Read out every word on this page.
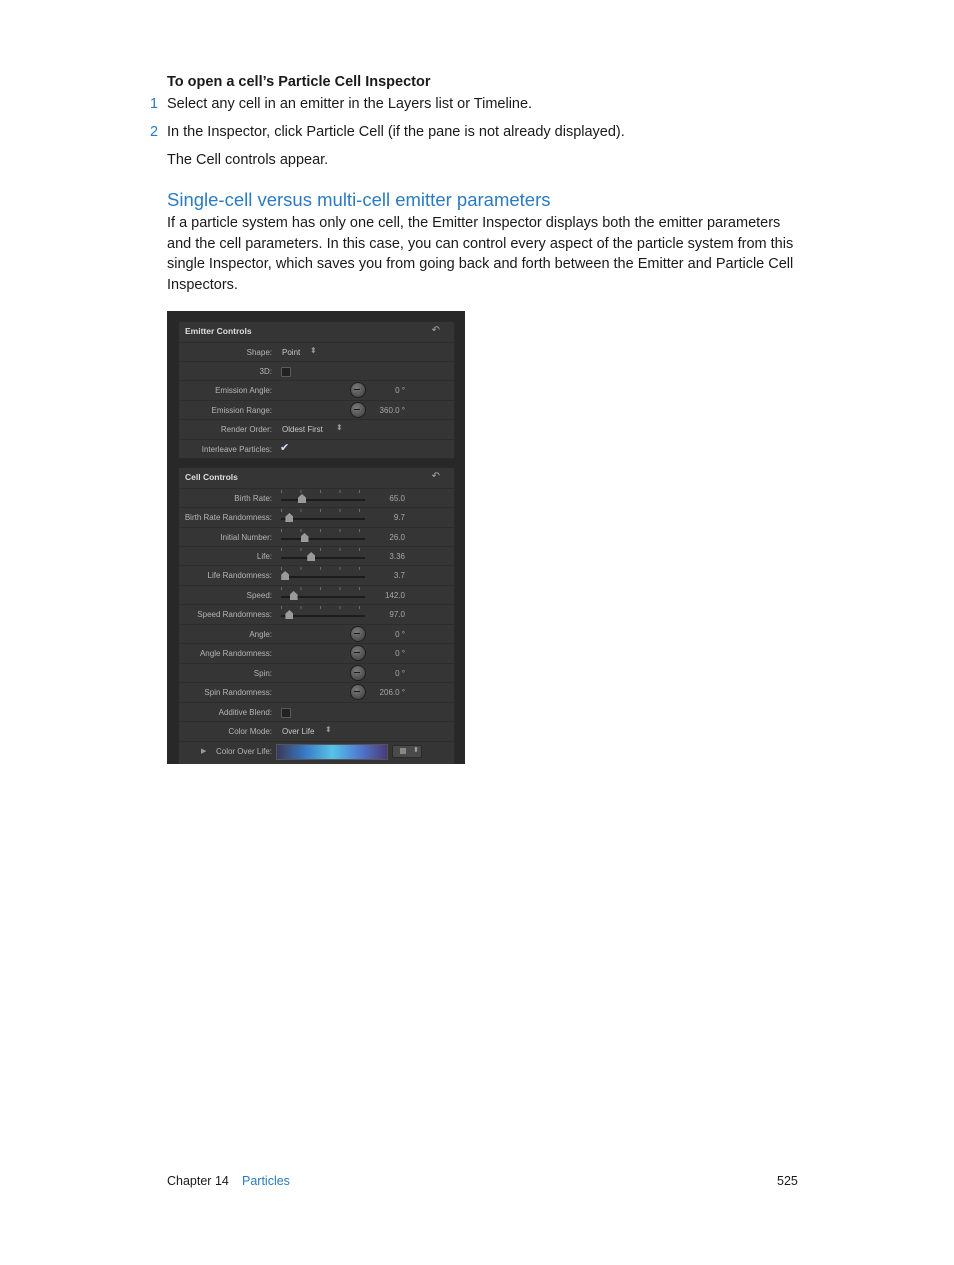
To open a cell’s Particle Cell Inspector
1 Select any cell in an emitter in the Layers list or Timeline.
2 In the Inspector, click Particle Cell (if the pane is not already displayed).
The Cell controls appear.
Single-cell versus multi-cell emitter parameters
If a particle system has only one cell, the Emitter Inspector displays both the emitter parameters and the cell parameters. In this case, you can control every aspect of the particle system from this single Inspector, which saves you from going back and forth between the Emitter and Particle Cell Inspectors.
Emitter Controls	↶
Shape: Point ⬍
3D:
Emission Angle:	0 °
Emission Range:	360.0 °
Render Order: Oldest First ⬍
Interleave Particles: ✔
Cell Controls	↶
Birth Rate:	65.0
Birth Rate Randomness:	9.7
Initial Number:	26.0
Life:	3.36
Life Randomness:	3.7
Speed:	142.0
Speed Randomness:	97.0
Angle:	0 °
Angle Randomness:	0 °
Spin:	0 °
Spin Randomness:	206.0 °
Additive Blend:
Color Mode: Over Life ⬍
▶ Color Over Life:	⬍
Chapter 14 Particles	525
